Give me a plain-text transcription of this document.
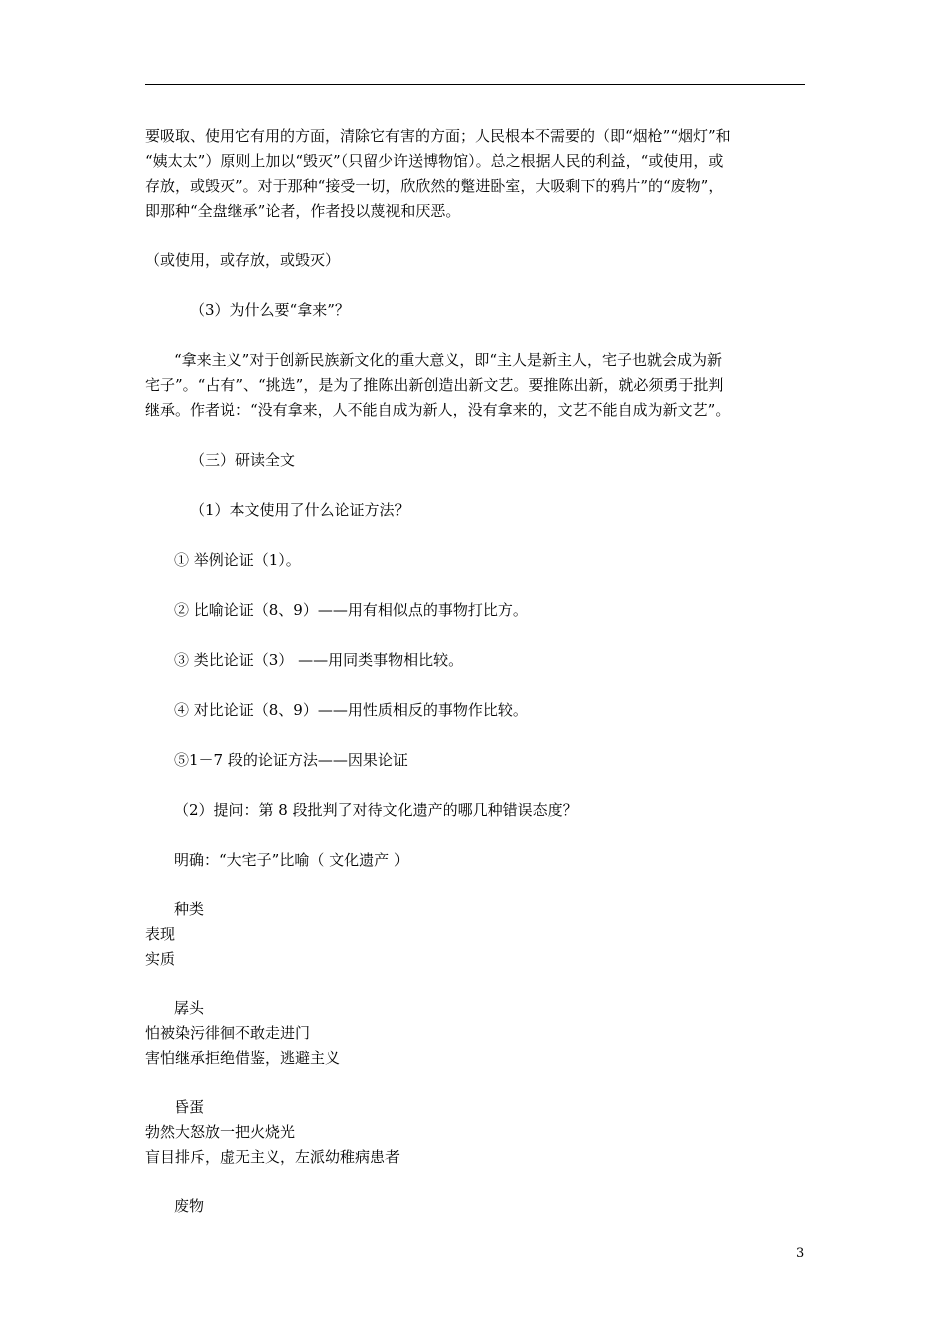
要吸取、使用它有用的方面，清除它有害的方面；人民根本不需要的（即“烟枪”“烟灯”和
“姨太太”）原则上加以“毁灭”（只留少许送博物馆）。总之根据人民的利益，“或使用，或
存放，或毁灭”。对于那种“接受一切，欣欣然的蹩进卧室，大吸剩下的鸦片”的“废物”，
即那种“全盘继承”论者，作者投以蔑视和厌恶。
（或使用，或存放，或毁灭）
（3）为什么要“拿来”？
“拿来主义”对于创新民族新文化的重大意义，即“主人是新主人，宅子也就会成为新
宅子”。“占有”、“挑选”，是为了推陈出新创造出新文艺。要推陈出新，就必须勇于批判
继承。作者说：“没有拿来，人不能自成为新人，没有拿来的，文艺不能自成为新文艺”。
（三）研读全文
（1）本文使用了什么论证方法？
① 举例论证（1）。
② 比喻论证（8、9）——用有相似点的事物打比方。
③ 类比论证（3） ——用同类事物相比较。
④ 对比论证（8、9）——用性质相反的事物作比较。
⑤1－7 段的论证方法——因果论证
（2）提问：第 8 段批判了对待文化遗产的哪几种错误态度？
明确：“大宅子”比喻（ 文化遗产 ）
种类
表现
实质
孱头
怕被染污徘徊不敢走进门
害怕继承拒绝借鉴，逃避主义
昏蛋
勃然大怒放一把火烧光
盲目排斥，虚无主义，左派幼稚病患者
废物
3
